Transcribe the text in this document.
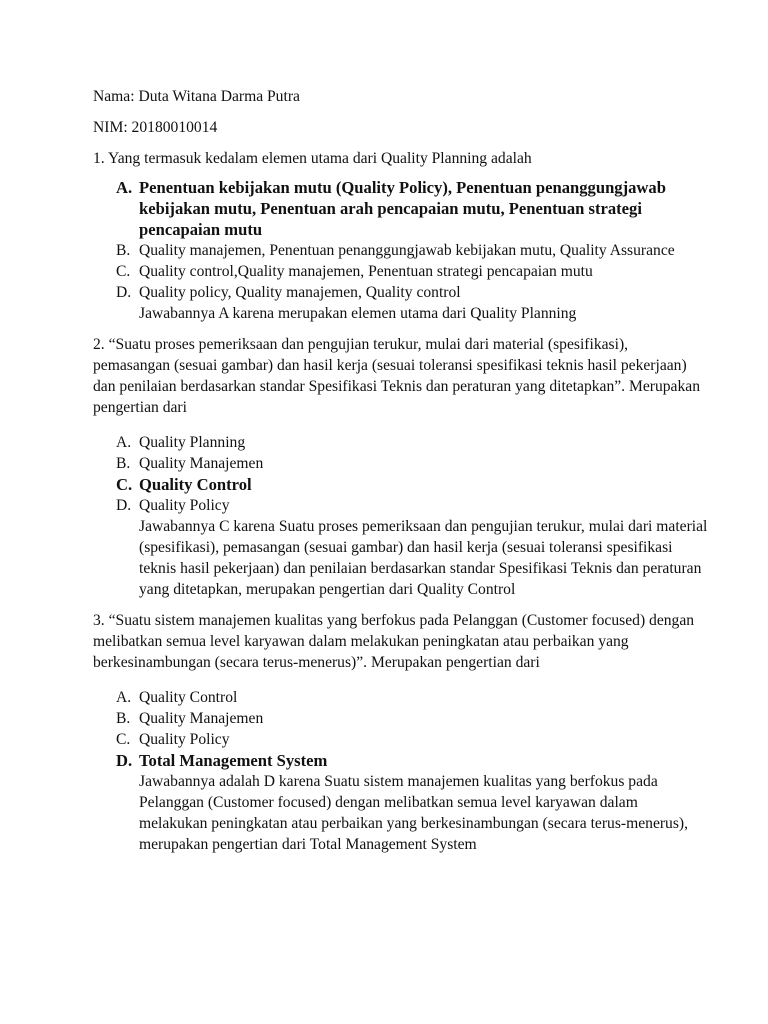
Nama: Duta Witana Darma Putra

NIM: 20180010014

1. Yang termasuk kedalam elemen utama dari Quality Planning adalah

A. Penentuan kebijakan mutu (Quality Policy), Penentuan penanggungjawab kebijakan mutu, Penentuan arah pencapaian mutu, Penentuan strategi pencapaian mutu
B. Quality manajemen, Penentuan penanggungjawab kebijakan mutu, Quality Assurance
C. Quality control,Quality manajemen, Penentuan strategi pencapaian mutu
D. Quality policy, Quality manajemen, Quality control

Jawabannya A karena merupakan elemen utama dari Quality Planning

2. “Suatu proses pemeriksaan dan pengujian terukur, mulai dari material (spesifikasi), pemasangan (sesuai gambar) dan hasil kerja (sesuai toleransi spesifikasi teknis hasil pekerjaan) dan penilaian berdasarkan standar Spesifikasi Teknis dan peraturan yang ditetapkan”. Merupakan pengertian dari

A. Quality Planning
B. Quality Manajemen
C. Quality Control
D. Quality Policy

Jawabannya C karena Suatu proses pemeriksaan dan pengujian terukur, mulai dari material (spesifikasi), pemasangan (sesuai gambar) dan hasil kerja (sesuai toleransi spesifikasi teknis hasil pekerjaan) dan penilaian berdasarkan standar Spesifikasi Teknis dan peraturan yang ditetapkan, merupakan pengertian dari Quality Control

3. “Suatu sistem manajemen kualitas yang berfokus pada Pelanggan (Customer focused) dengan melibatkan semua level karyawan dalam melakukan peningkatan atau perbaikan yang berkesinambungan (secara terus-menerus)”. Merupakan pengertian dari

A. Quality Control
B. Quality Manajemen
C. Quality Policy
D. Total Management System

Jawabannya adalah D karena Suatu sistem manajemen kualitas yang berfokus pada Pelanggan (Customer focused) dengan melibatkan semua level karyawan dalam melakukan peningkatan atau perbaikan yang berkesinambungan (secara terus-menerus), merupakan pengertian dari Total Management System
